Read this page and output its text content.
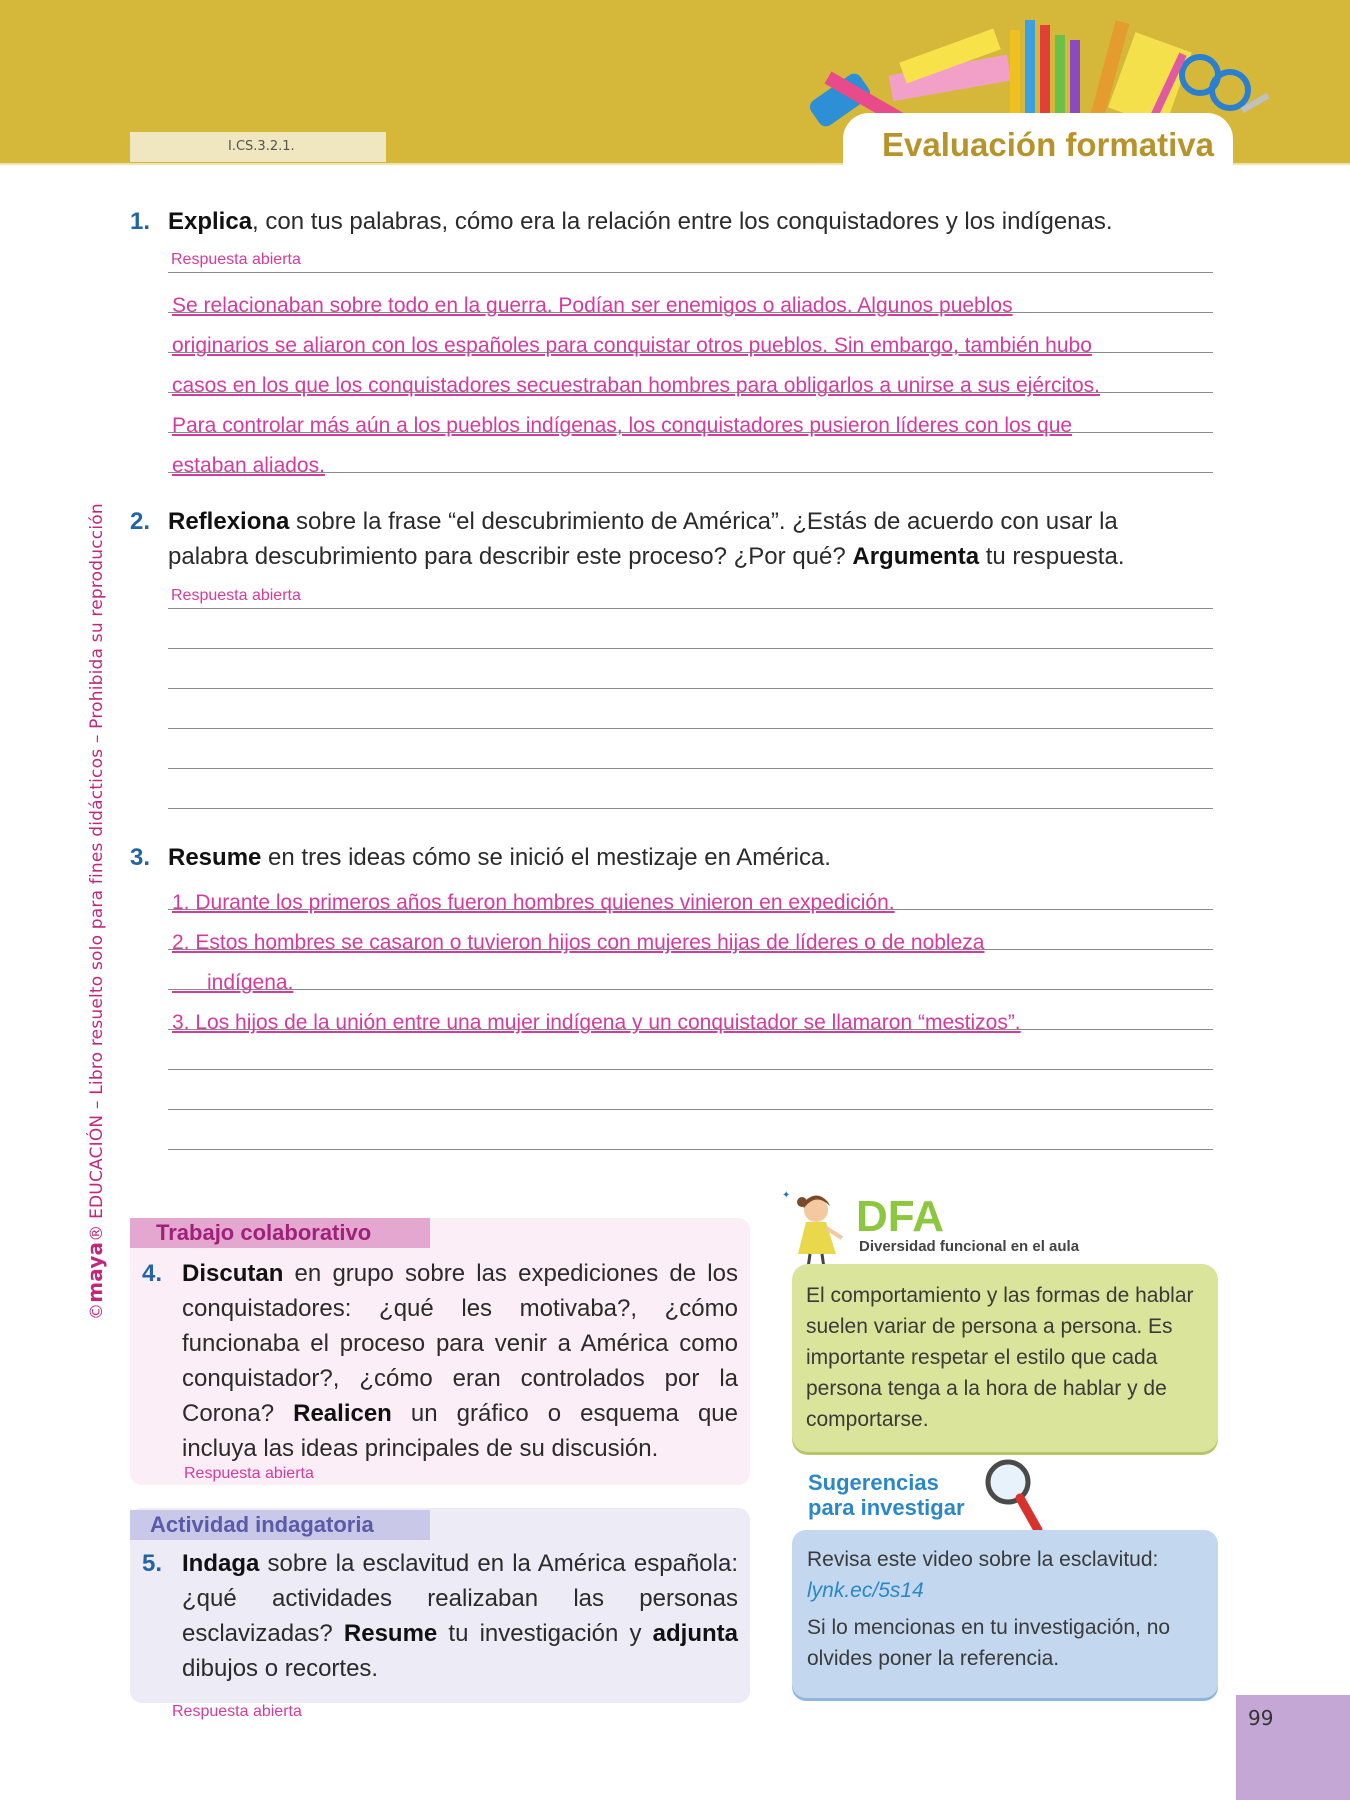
I.CS.3.2.1.	Evaluación formativa
©maya® EDUCACIÓN – Libro resuelto solo para fines didácticos – Prohibida su reproducción
1. Explica, con tus palabras, cómo era la relación entre los conquistadores y los indígenas.
Respuesta abierta
Se relacionaban sobre todo en la guerra. Podían ser enemigos o aliados. Algunos pueblos
originarios se aliaron con los españoles para conquistar otros pueblos. Sin embargo, también hubo
casos en los que los conquistadores secuestraban hombres para obligarlos a unirse a sus ejércitos.
Para controlar más aún a los pueblos indígenas, los conquistadores pusieron líderes con los que
estaban aliados.
2. Reflexiona sobre la frase “el descubrimiento de América”. ¿Estás de acuerdo con usar la
palabra descubrimiento para describir este proceso? ¿Por qué? Argumenta tu respuesta.
Respuesta abierta
3. Resume en tres ideas cómo se inició el mestizaje en América.
1. Durante los primeros años fueron hombres quienes vinieron en expedición.
2. Estos hombres se casaron o tuvieron hijos con mujeres hijas de líderes o de nobleza
indígena.
3. Los hijos de la unión entre una mujer indígena y un conquistador se llamaron “mestizos”.
Trabajo colaborativo
4. Discutan en grupo sobre las expediciones de los conquistadores: ¿qué les motivaba?, ¿cómo funcionaba el proceso para venir a América como conquistador?, ¿cómo eran controlados por la Corona? Realicen un gráfico o esquema que incluya las ideas principales de su discusión.
Respuesta abierta
Actividad indagatoria
5. Indaga sobre la esclavitud en la América española: ¿qué actividades realizaban las personas esclavizadas? Resume tu investigación y adjunta dibujos o recortes.
Respuesta abierta
✦ DFA
Diversidad funcional en el aula
El comportamiento y las formas de hablar suelen variar de persona a persona. Es importante respetar el estilo que cada persona tenga a la hora de hablar y de comportarse.
Sugerencias
para investigar
Revisa este video sobre la esclavitud:
lynk.ec/5s14
Si lo mencionas en tu investigación, no olvides poner la referencia.
99
